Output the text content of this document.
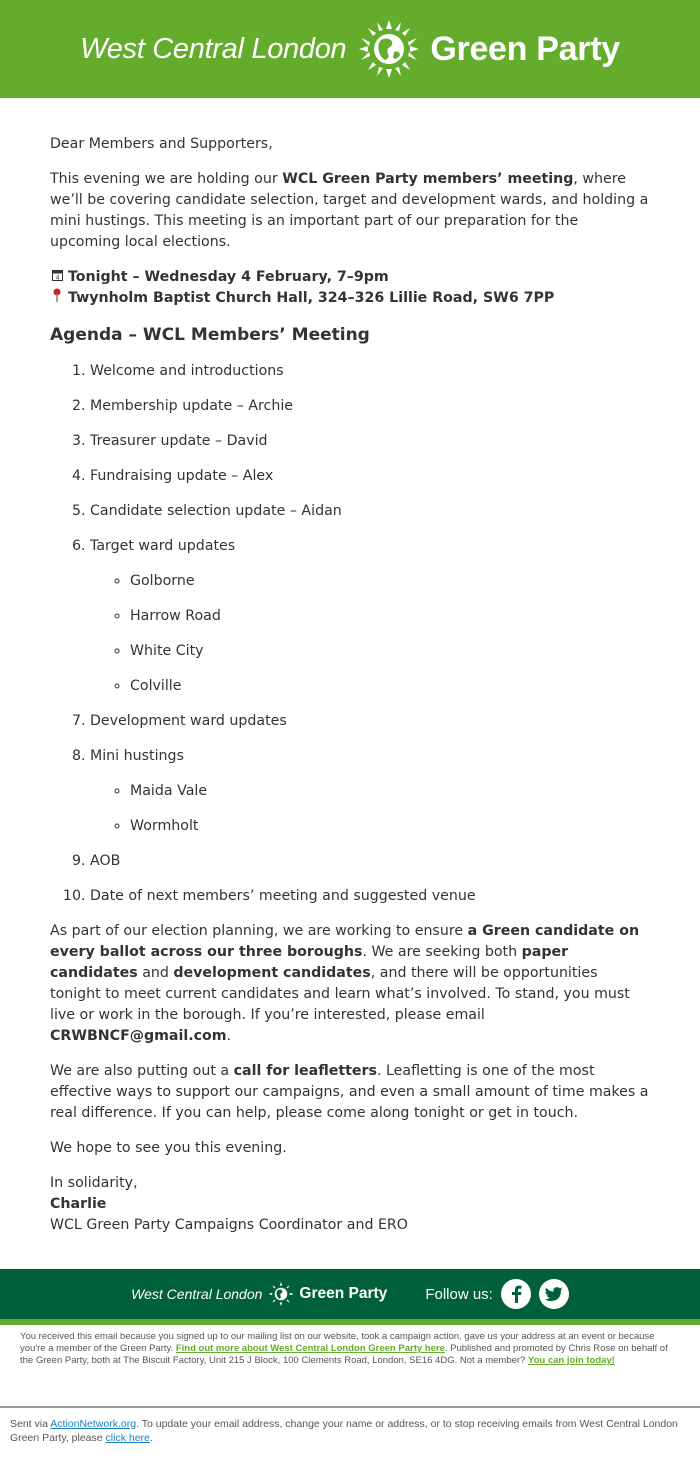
West Central London Green Party

Dear Members and Supporters,

This evening we are holding our WCL Green Party members’ meeting, where we’ll be covering candidate selection, target and development wards, and holding a mini hustings. This meeting is an important part of our preparation for the upcoming local elections.

4 Tonight – Wednesday 4 February, 7–9pm
Twynholm Baptist Church Hall, 324–326 Lillie Road, SW6 7PP
Agenda – WCL Members’ Meeting
1. Welcome and introductions
2. Membership update – Archie
3. Treasurer update – David
4. Fundraising update – Alex
5. Candidate selection update – Aidan
6. Target ward updates
◦ Golborne
◦ Harrow Road
◦ White City
◦ Colville
7. Development ward updates
8. Mini hustings
◦ Maida Vale
◦ Wormholt
9. AOB
10. Date of next members’ meeting and suggested venue

As part of our election planning, we are working to ensure a Green candidate on every ballot across our three boroughs. We are seeking both paper candidates and development candidates, and there will be opportunities tonight to meet current candidates and learn what’s involved. To stand, you must live or work in the borough. If you’re interested, please email CRWBNCF@gmail.com.

We are also putting out a call for leafletters. Leafletting is one of the most effective ways to support our campaigns, and even a small amount of time makes a real difference. If you can help, please come along tonight or get in touch.

We hope to see you this evening.

In solidarity,
Charlie
WCL Green Party Campaigns Coordinator and ERO

West Central London Green Party	Follow us:
You received this email because you signed up to our mailing list on our website, took a campaign action, gave us your address at an event or because you're a member of the Green Party. Find out more about West Central London Green Party here. Published and promoted by Chris Rose on behalf of the Green Party, both at The Biscuit Factory, Unit 215 J Block, 100 Clements Road, London, SE16 4DG. Not a member? You can join today!
Sent via ActionNetwork.org. To update your email address, change your name or address, or to stop receiving emails from West Central London Green Party, please click here.
